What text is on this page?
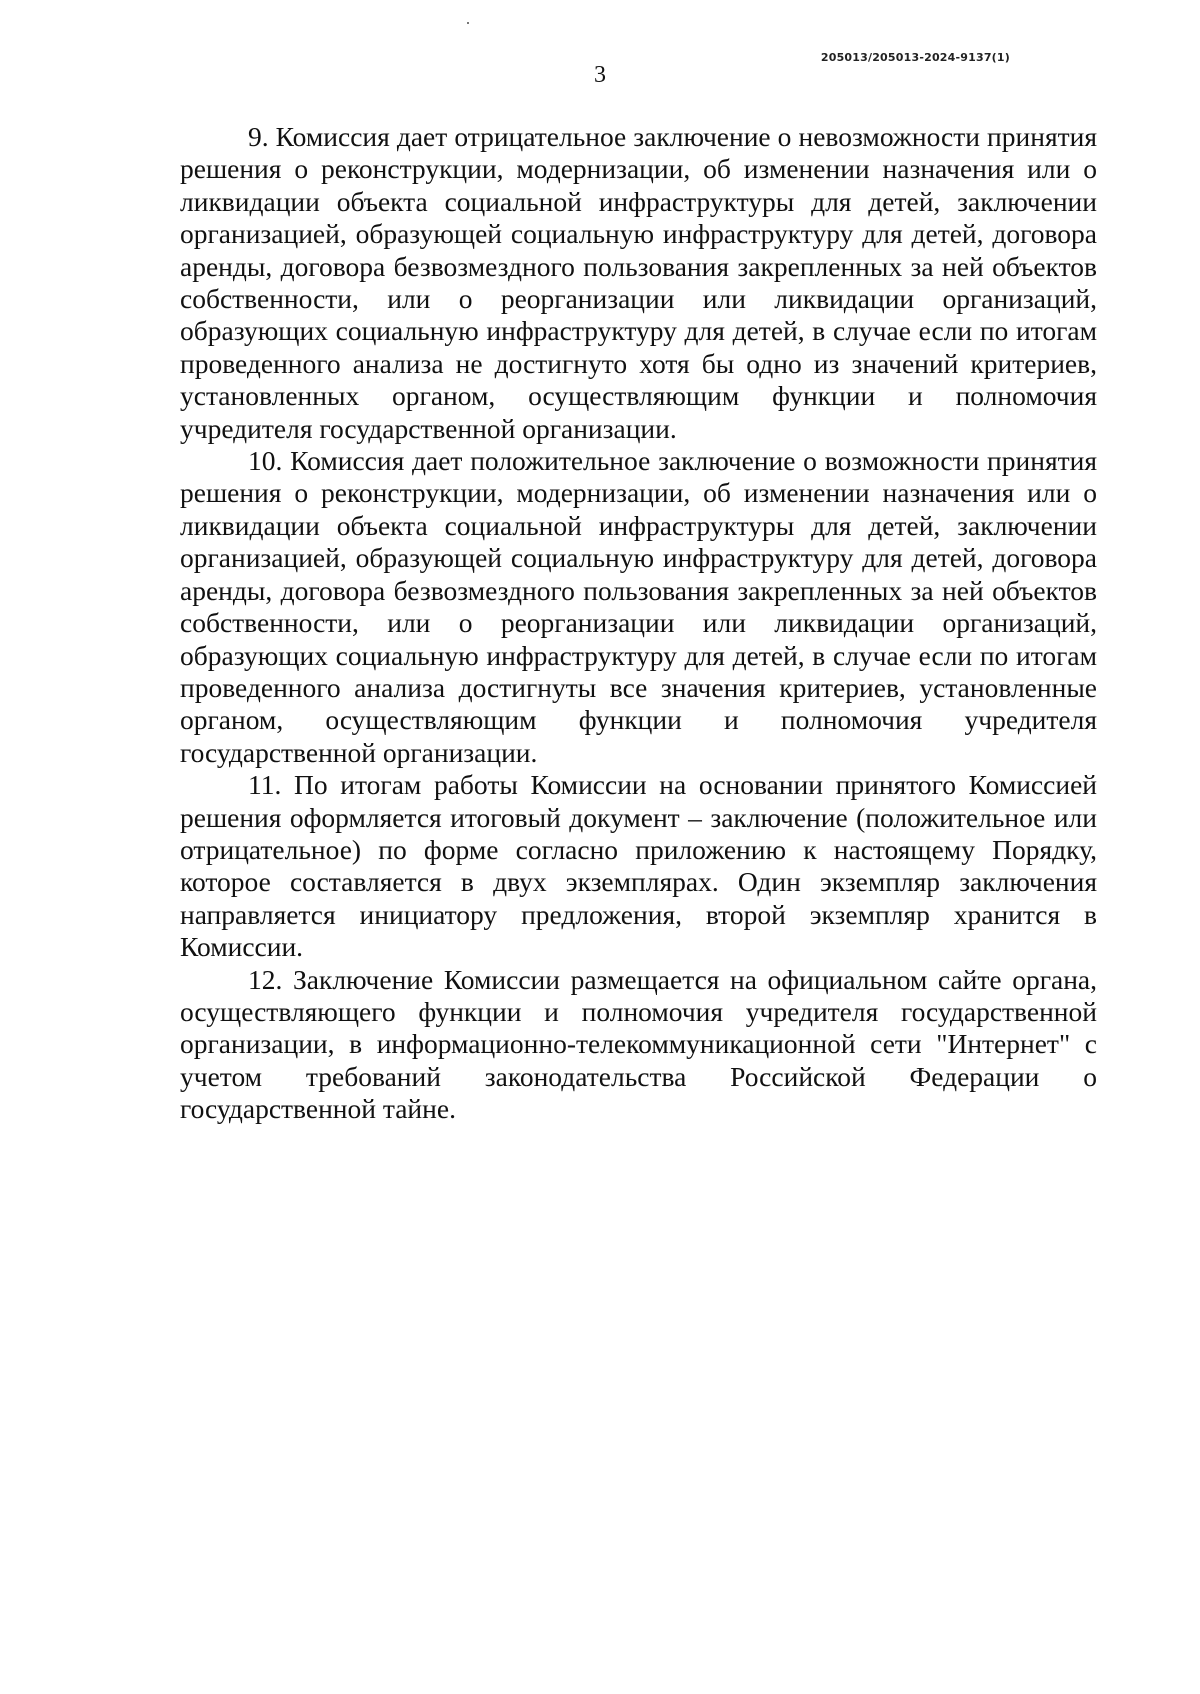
205013/205013-2024-9137(1)
3

9. Комиссия дает отрицательное заключение о невозможности принятия решения о реконструкции, модернизации, об изменении назначения или о ликвидации объекта социальной инфраструктуры для детей, заключении организацией, образующей социальную инфраструктуру для детей, договора аренды, договора безвозмездного пользования закрепленных за ней объектов собственности, или о реорганизации или ликвидации организаций, образующих социальную инфраструктуру для детей, в случае если по итогам проведенного анализа не достигнуто хотя бы одно из значений критериев, установленных органом, осуществляющим функции и полномочия учредителя государственной организации.

10. Комиссия дает положительное заключение о возможности принятия решения о реконструкции, модернизации, об изменении назначения или о ликвидации объекта социальной инфраструктуры для детей, заключении организацией, образующей социальную инфраструктуру для детей, договора аренды, договора безвозмездного пользования закрепленных за ней объектов собственности, или о реорганизации или ликвидации организаций, образующих социальную инфраструктуру для детей, в случае если по итогам проведенного анализа достигнуты все значения критериев, установленные органом, осуществляющим функции и полномочия учредителя государственной организации.

11. По итогам работы Комиссии на основании принятого Комиссией решения оформляется итоговый документ – заключение (положительное или отрицательное) по форме согласно приложению к настоящему Порядку, которое составляется в двух экземплярах. Один экземпляр заключения направляется инициатору предложения, второй экземпляр хранится в Комиссии.

12. Заключение Комиссии размещается на официальном сайте органа, осуществляющего функции и полномочия учредителя государственной организации, в информационно-телекоммуникационной сети "Интернет" с учетом требований законодательства Российской Федерации о государственной тайне.
